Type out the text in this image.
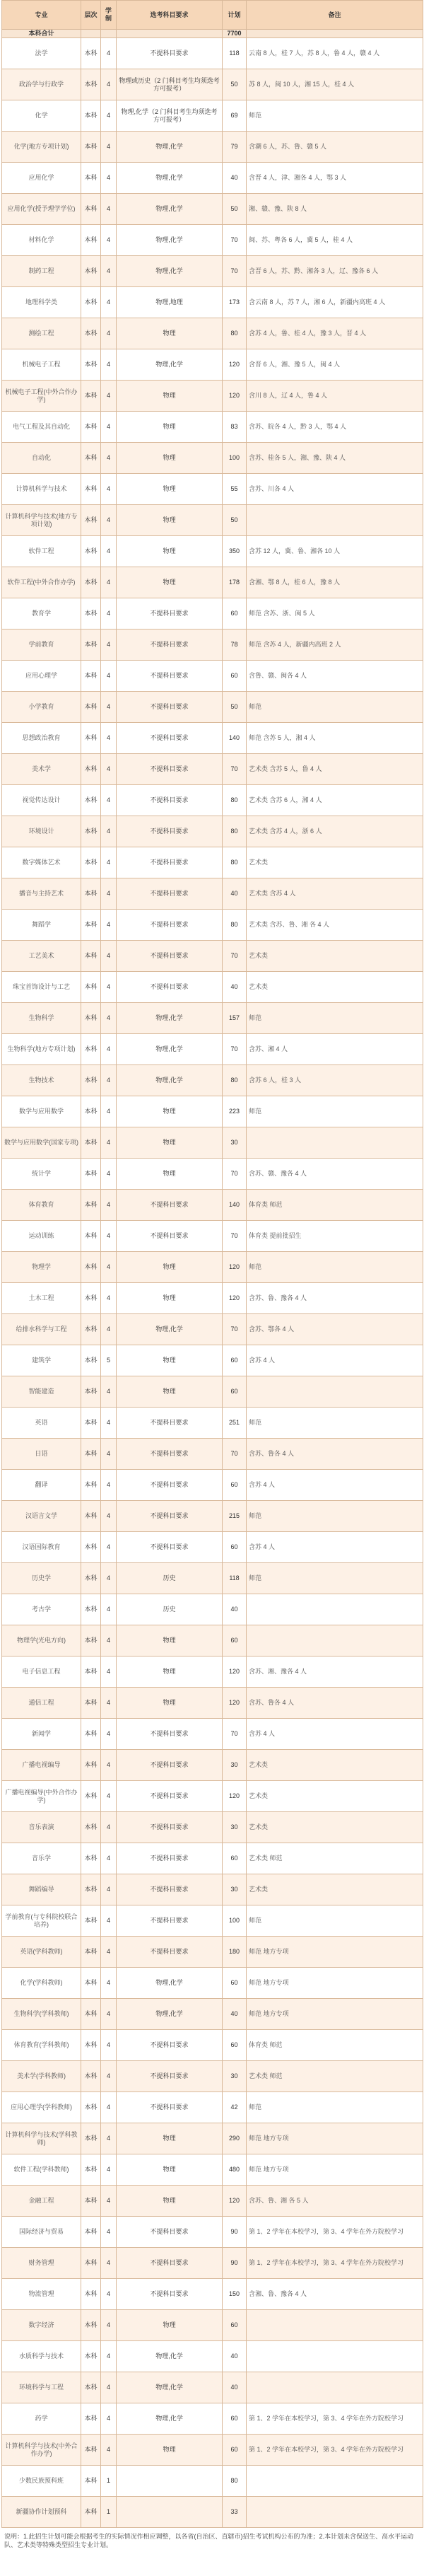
专业	层次	学制	选考科目要求	计划	备注
本科合计				7700	
法学	本科	4	不提科目要求	118	云南 8 人，桂 7 人，苏 8 人，鲁 4 人，赣 4 人
政治学与行政学	本科	4	物理或历史（2 门科目考生均须选考方可报考）	50	苏 8 人，闽 10 人，湘 15 人，桂 4 人
化学	本科	4	物理,化学（2 门科目考生均须选考方可报考）	69	师范
化学(地方专项计划)	本科	4	物理,化学	79	含潮 6 人，苏、鲁、赣 5 人
应用化学	本科	4	物理,化学	40	含晋 4 人，津、湘各 4 人，鄂 3 人
应用化学(授予理学学位)	本科	4	物理,化学	50	湘、赣、豫、陕 8 人
材料化学	本科	4	物理,化学	70	闽、苏、粤各 6 人，冀 5 人，桂 4 人
制药工程	本科	4	物理,化学	70	含晋 6 人，苏、黔、湘各 3 人，辽、豫各 6 人
地理科学类	本科	4	物理,地理	173	含云南 8 人，苏 7 人，湘 6 人，新疆内高班 4 人
测绘工程	本科	4	物理	80	含苏 4 人，鲁、桂 4 人，豫 3 人，晋 4 人
机械电子工程	本科	4	物理,化学	120	含晋 6 人，湘、豫 5 人，闽 4 人
机械电子工程(中外合作办学)	本科	4	物理	120	含川 8 人，辽 4 人，鲁 4 人
电气工程及其自动化	本科	4	物理	83	含苏、皖各 4 人，黔 3 人，鄂 4 人
自动化	本科	4	物理	100	含苏、桂各 5 人，湘、豫、陕 4 人
计算机科学与技术	本科	4	物理	55	含苏、川各 4 人
计算机科学与技术(地方专项计划)	本科	4	物理	50	
软件工程	本科	4	物理	350	含苏 12 人，冀、鲁、湘各 10 人
软件工程(中外合作办学)	本科	4	物理	178	含湘、鄂 8 人，桂 6 人，豫 8 人
教育学	本科	4	不提科目要求	60	师范 含苏、浙、闽 5 人
学前教育	本科	4	不提科目要求	78	师范 含苏 4 人，新疆内高班 2 人
应用心理学	本科	4	不提科目要求	60	含鲁、赣、闽各 4 人
小学教育	本科	4	不提科目要求	50	师范
思想政治教育	本科	4	不提科目要求	140	师范 含苏 5 人，湘 4 人
美术学	本科	4	不提科目要求	70	艺术类 含苏 5 人，鲁 4 人
视觉传达设计	本科	4	不提科目要求	80	艺术类 含苏 6 人，湘 4 人
环境设计	本科	4	不提科目要求	80	艺术类 含苏 4 人，浙 6 人
数字媒体艺术	本科	4	不提科目要求	80	艺术类
播音与主持艺术	本科	4	不提科目要求	40	艺术类 含苏 4 人
舞蹈学	本科	4	不提科目要求	80	艺术类 含苏、鲁、湘 各 4 人
工艺美术	本科	4	不提科目要求	70	艺术类
珠宝首饰设计与工艺	本科	4	不提科目要求	40	艺术类
生物科学	本科	4	物理,化学	157	师范
生物科学(地方专项计划)	本科	4	物理,化学	70	含苏、湘 4 人
生物技术	本科	4	物理,化学	80	含苏 6 人，桂 3 人
数学与应用数学	本科	4	物理	223	师范
数学与应用数学(国家专项)	本科	4	物理	30	
统计学	本科	4	物理	70	含苏、赣、豫各 4 人
体育教育	本科	4	不提科目要求	140	体育类 师范
运动训练	本科	4	不提科目要求	70	体育类 提前批招生
物理学	本科	4	物理	120	师范
土木工程	本科	4	物理	120	含苏、鲁、豫各 4 人
给排水科学与工程	本科	4	物理,化学	70	含苏、鄂各 4 人
建筑学	本科	5	物理	60	含苏 4 人
智能建造	本科	4	物理	60	
英语	本科	4	不提科目要求	251	师范
日语	本科	4	不提科目要求	70	含苏、鲁各 4 人
翻译	本科	4	不提科目要求	60	含苏 4 人
汉语言文学	本科	4	不提科目要求	215	师范
汉语国际教育	本科	4	不提科目要求	60	含苏 4 人
历史学	本科	4	历史	118	师范
考古学	本科	4	历史	40	
物理学(光电方向)	本科	4	物理	60	
电子信息工程	本科	4	物理	120	含苏、湘、豫各 4 人
通信工程	本科	4	物理	120	含苏、鲁各 4 人
新闻学	本科	4	不提科目要求	70	含苏 4 人
广播电视编导	本科	4	不提科目要求	30	艺术类
广播电视编导(中外合作办学)	本科	4	不提科目要求	120	艺术类
音乐表演	本科	4	不提科目要求	30	艺术类
音乐学	本科	4	不提科目要求	60	艺术类 师范
舞蹈编导	本科	4	不提科目要求	30	艺术类
学前教育(与专科院校联合培养)	本科	4	不提科目要求	100	师范
英语(学科教师)	本科	4	不提科目要求	180	师范 地方专项
化学(学科教师)	本科	4	物理,化学	60	师范 地方专项
生物科学(学科教师)	本科	4	物理,化学	40	师范 地方专项
体育教育(学科教师)	本科	4	不提科目要求	60	体育类 师范
美术学(学科教师)	本科	4	不提科目要求	30	艺术类 师范
应用心理学(学科教师)	本科	4	不提科目要求	42	师范
计算机科学与技术(学科教师)	本科	4	物理	290	师范 地方专项
软件工程(学科教师)	本科	4	物理	480	师范 地方专项
金融工程	本科	4	物理	120	含苏、鲁、湘 各 5 人
国际经济与贸易	本科	4	不提科目要求	90	第 1、2 学年在本校学习，第 3、4 学年在外方院校学习
财务管理	本科	4	不提科目要求	90	第 1、2 学年在本校学习，第 3、4 学年在外方院校学习
物流管理	本科	4	不提科目要求	150	含湘、鲁、豫各 4 人
数字经济	本科	4	物理	60	
水质科学与技术	本科	4	物理,化学	40	
环境科学与工程	本科	4	物理,化学	40	
药学	本科	4	物理,化学	60	第 1、2 学年在本校学习，第 3、4 学年在外方院校学习
计算机科学与技术(中外合作办学)	本科	4	物理	60	第 1、2 学年在本校学习，第 3、4 学年在外方院校学习
少数民族预科班	本科	1		80	
新疆协作计划预科	本科	1		33	
说明：1.此招生计划可能会根据考生的实际情况作相应调整，以各省(自治区、直辖市)招生考试机构公布的为准；2.本计划未含保送生、高水平运动队、艺术类等特殊类型招生专业计划。
